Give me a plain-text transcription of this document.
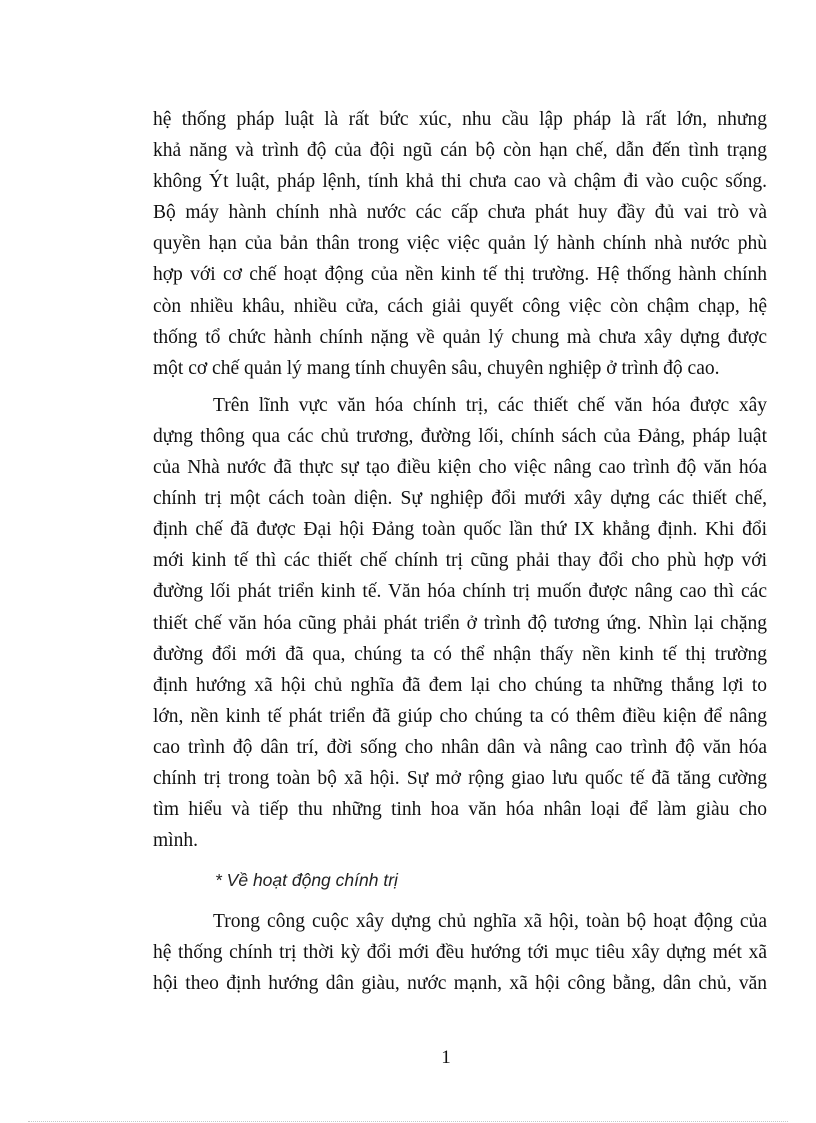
hệ thống pháp luật là rất bức xúc, nhu cầu lập pháp là rất lớn, nhưng
khả năng và trình độ của đội ngũ cán bộ còn hạn chế, dẫn đến tình trạng
không Ýt luật, pháp lệnh, tính khả thi chưa cao và chậm đi vào cuộc sống.
Bộ máy hành chính nhà nước các cấp chưa phát huy đầy đủ vai trò và
quyền hạn của bản thân trong việc việc quản lý hành chính nhà nước phù
hợp với cơ chế hoạt động của nền kinh tế thị trường. Hệ thống hành chính
còn nhiều khâu, nhiều cửa, cách giải quyết công việc còn chậm chạp, hệ
thống tổ chức hành chính nặng về quản lý chung mà chưa xây dựng được
một cơ chế quản lý mang tính chuyên sâu, chuyên nghiệp ở trình độ cao.

Trên lĩnh vực văn hóa chính trị, các thiết chế văn hóa được xây
dựng thông qua các chủ trương, đường lối, chính sách của Đảng, pháp luật
của Nhà nước đã thực sự tạo điều kiện cho việc nâng cao trình độ văn hóa
chính trị một cách toàn diện. Sự nghiệp đổi mưới xây dựng các thiết chế,
định chế đã được Đại hội Đảng toàn quốc lần thứ IX khẳng định. Khi đổi
mới kinh tế thì các thiết chế chính trị cũng phải thay đổi cho phù hợp với
đường lối phát triển kinh tế. Văn hóa chính trị muốn được nâng cao thì các
thiết chế văn hóa cũng phải phát triển ở trình độ tương ứng. Nhìn lại chặng
đường đổi mới đã qua, chúng ta có thể nhận thấy nền kinh tế thị trường
định hướng xã hội chủ nghĩa đã đem lại cho chúng ta những thắng lợi to
lớn, nền kinh tế phát triển đã giúp cho chúng ta có thêm điều kiện để nâng
cao trình độ dân trí, đời sống cho nhân dân và nâng cao trình độ văn hóa
chính trị trong toàn bộ xã hội. Sự mở rộng giao lưu quốc tế đã tăng cường
tìm hiểu và tiếp thu những tinh hoa văn hóa nhân loại để làm giàu cho
mình.

* Về hoạt động chính trị

Trong công cuộc xây dựng chủ nghĩa xã hội, toàn bộ hoạt động của
hệ thống chính trị thời kỳ đổi mới đều hướng tới mục tiêu xây dựng mét xã
hội theo định hướng dân giàu, nước mạnh, xã hội công bằng, dân chủ, văn

1
